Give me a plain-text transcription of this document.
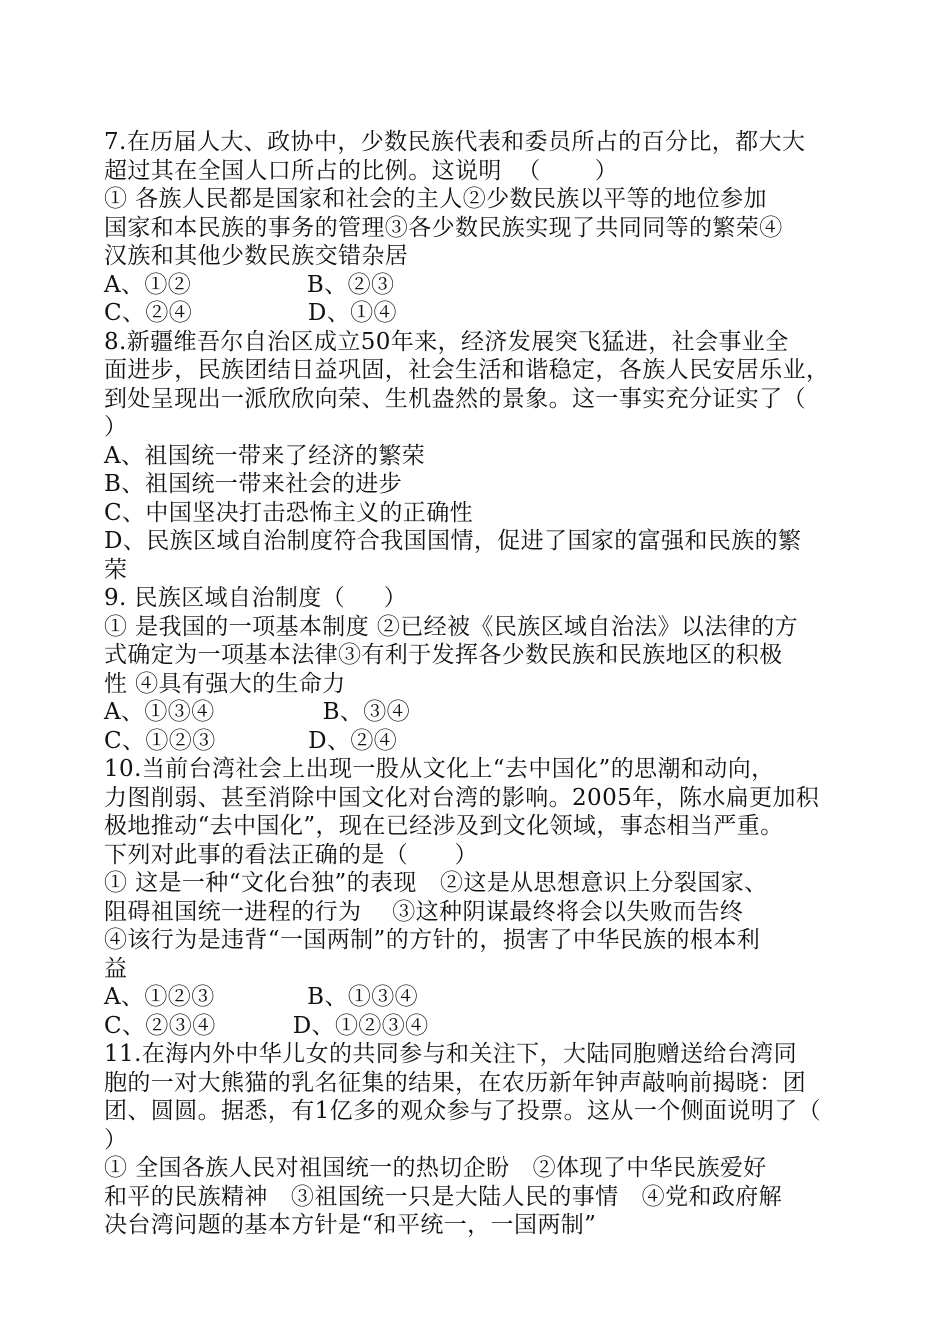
7.在历届人大、政协中，少数民族代表和委员所占的百分比，都大大
超过其在全国人口所占的比例。这说明  （       ）
① 各族人民都是国家和社会的主人②少数民族以平等的地位参加
国家和本民族的事务的管理③各少数民族实现了共同同等的繁荣④
汉族和其他少数民族交错杂居
A、①②               B、②③
C、②④               D、①④
8.新疆维吾尔自治区成立50年来，经济发展突飞猛进，社会事业全
面进步，民族团结日益巩固，社会生活和谐稳定，各族人民安居乐业，
到处呈现出一派欣欣向荣、生机盎然的景象。这一事实充分证实了（
）
A、祖国统一带来了经济的繁荣
B、祖国统一带来社会的进步
C、中国坚决打击恐怖主义的正确性
D、民族区域自治制度符合我国国情，促进了国家的富强和民族的繁
荣
9. 民族区域自治制度（     ）
① 是我国的一项基本制度 ②已经被《民族区域自治法》以法律的方
式确定为一项基本法律③有利于发挥各少数民族和民族地区的积极
性 ④具有强大的生命力
A、①③④              B、③④
C、①②③            D、②④
10.当前台湾社会上出现一股从文化上“去中国化”的思潮和动向，
力图削弱、甚至消除中国文化对台湾的影响。2005年，陈水扁更加积
极地推动“去中国化”，现在已经涉及到文化领域，事态相当严重。
下列对此事的看法正确的是（      ）
① 这是一种“文化台独”的表现   ②这是从思想意识上分裂国家、
阻碍祖国统一进程的行为    ③这种阴谋最终将会以失败而告终
④该行为是违背“一国两制”的方针的，损害了中华民族的根本利
益
A、①②③            B、①③④
C、②③④          D、①②③④
11.在海内外中华儿女的共同参与和关注下，大陆同胞赠送给台湾同
胞的一对大熊猫的乳名征集的结果，在农历新年钟声敲响前揭晓：团
团、圆圆。据悉，有1亿多的观众参与了投票。这从一个侧面说明了（
）
① 全国各族人民对祖国统一的热切企盼   ②体现了中华民族爱好
和平的民族精神   ③祖国统一只是大陆人民的事情   ④党和政府解
决台湾问题的基本方针是“和平统一，一国两制”
